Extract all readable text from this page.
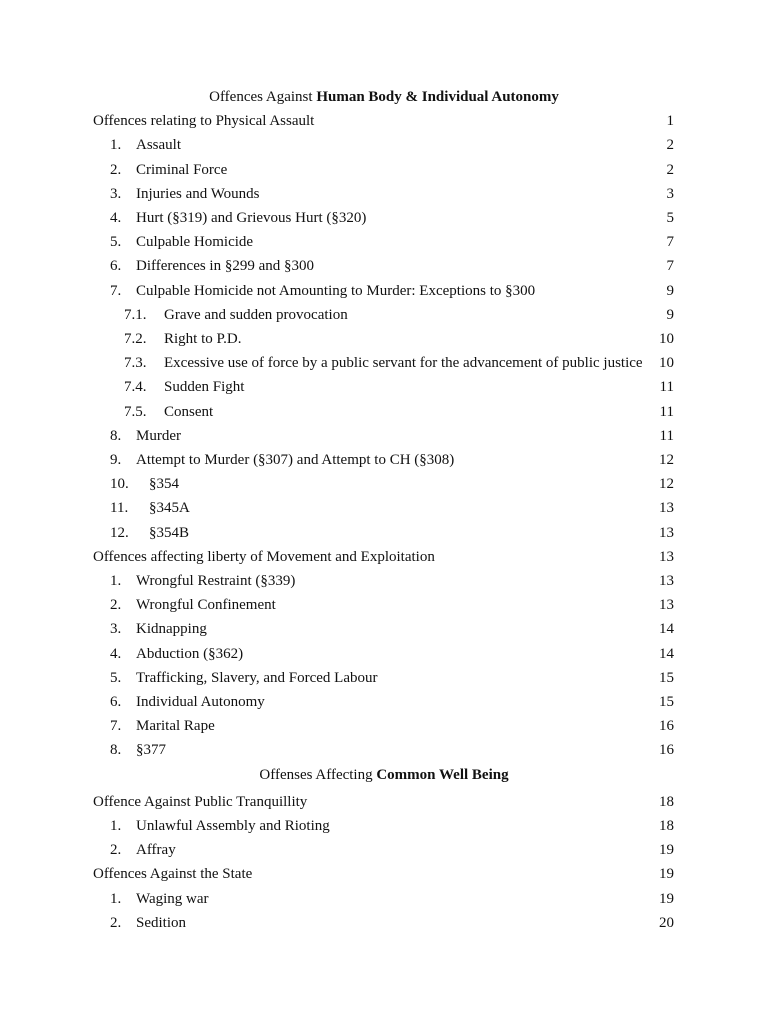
Offences Against Human Body & Individual Autonomy
Offences relating to Physical Assault	1
1. Assault	2
2. Criminal Force	2
3. Injuries and Wounds	3
4. Hurt (§319) and Grievous Hurt (§320)	5
5. Culpable Homicide	7
6. Differences in §299 and §300	7
7. Culpable Homicide not Amounting to Murder: Exceptions to §300	9
7.1. Grave and sudden provocation	9
7.2. Right to P.D.	10
7.3. Excessive use of force by a public servant for the advancement of public justice 10
7.4. Sudden Fight	11
7.5. Consent	11
8. Murder	11
9. Attempt to Murder (§307) and Attempt to CH (§308)	12
10. §354	12
11. §345A	13
12. §354B	13
Offences affecting liberty of Movement and Exploitation	13
1. Wrongful Restraint (§339)	13
2. Wrongful Confinement	13
3. Kidnapping	14
4. Abduction (§362)	14
5. Trafficking, Slavery, and Forced Labour	15
6. Individual Autonomy	15
7. Marital Rape	16
8. §377	16
Offenses Affecting Common Well Being
Offence Against Public Tranquillity	18
1. Unlawful Assembly and Rioting	18
2. Affray	19
Offences Against the State	19
1. Waging war	19
2. Sedition	20
